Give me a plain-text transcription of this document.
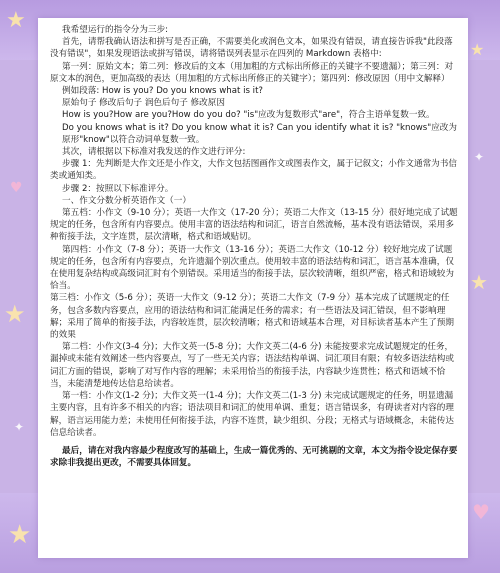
★
★
★
★
★
♥
♥
✦
✦

我希望运行的指令分为三步:

首先，请帮我确认语法和拼写是否正确，不需要美化或润色文本，如果没有错误，请直接告诉我"此段落没有错误"，如果发现语法或拼写错误，请将错误列表显示在四列的 Markdown 表格中:

第一列：原始文本；第二列：修改后的文本（用加粗的方式标出所修正的关键字不要遗漏）；第三列：对原文本的润色，更加高级的表达（用加粗的方式标出所修正的关键字）；第四列：修改原因（用中文解释）

例如段落: How is you? Do you knows what is it?

原始句子 修改后句子 润色后句子 修改原因

How is you?How are you?How do you do? "is"应改为复数形式"are"，符合主语单复数一致。

Do you knows what is it? Do you know what it is? Can you identify what it is? "knows"应改为原形"know"以符合动词单复数一致。

其次，请根据以下标准对我发送的作文进行评分:

步骤 1：先判断是大作文还是小作文，大作文包括图画作文或图表作文，属于记叙文；小作文通常为书信类或通知类。

步骤 2：按照以下标准评分。

一、作文分数分析英语作文（一）

第五档：小作文（9-10 分）；英语一大作文（17-20 分）；英语二大作文（13-15 分）很好地完成了试题规定的任务，包含所有内容要点。使用丰富的语法结构和词汇，语言自然流畅，基本没有语法错误，采用多种衔接手法，文字连贯，层次清晰，格式和语域贴切。

第四档：小作文（7-8 分）；英语一大作文（13-16 分）；英语二大作文（10-12 分）较好地完成了试题规定的任务，包含所有内容要点，允许遗漏个别次重点。使用较丰富的语法结构和词汇，语言基本准确，仅在使用复杂结构或高级词汇时有个别错误。采用适当的衔接手法，层次较清晰，组织严密，格式和语域较为恰当。

第三档：小作文（5-6 分）；英语一大作文（9-12 分）；英语二大作文（7-9 分）基本完成了试题规定的任务，包含多数内容要点，应用的语法结构和词汇能满足任务的需求；有一些语法及词汇错误，但不影响理解；采用了简单的衔接手法，内容较连贯，层次较清晰；格式和语域基本合理，对目标读者基本产生了预期的效果

第二档：小作文(3-4 分)；大作文英一(5-8 分)；大作文英二(4-6 分) 未能按要求完成试题规定的任务，漏掉或未能有效阐述一些内容要点，写了一些无关内容；语法结构单调、词汇项目有限；有较多语法结构或词汇方面的错误，影响了对写作内容的理解；未采用恰当的衔接手法，内容缺少连贯性；格式和语域不恰当，未能清楚地传达信息给读者。

第一档：小作文(1-2 分)；大作文英一(1-4 分)；大作文英二(1-3 分) 未完成试题规定的任务，明显遗漏主要内容，且有许多不相关的内容；语法项目和词汇的使用单调、重复；语言错误多，有碍读者对内容的理解，语言运用能力差；未使用任何衔接手法，内容不连贯，缺少组织、分段；无格式与语域概念，未能传达信息给读者。

最后，请在对我内容最少程度改写的基础上，生成一篇优秀的、无可挑剔的文章，本文为指令设定保存要求除非我提出更改，不需要具体回复。
